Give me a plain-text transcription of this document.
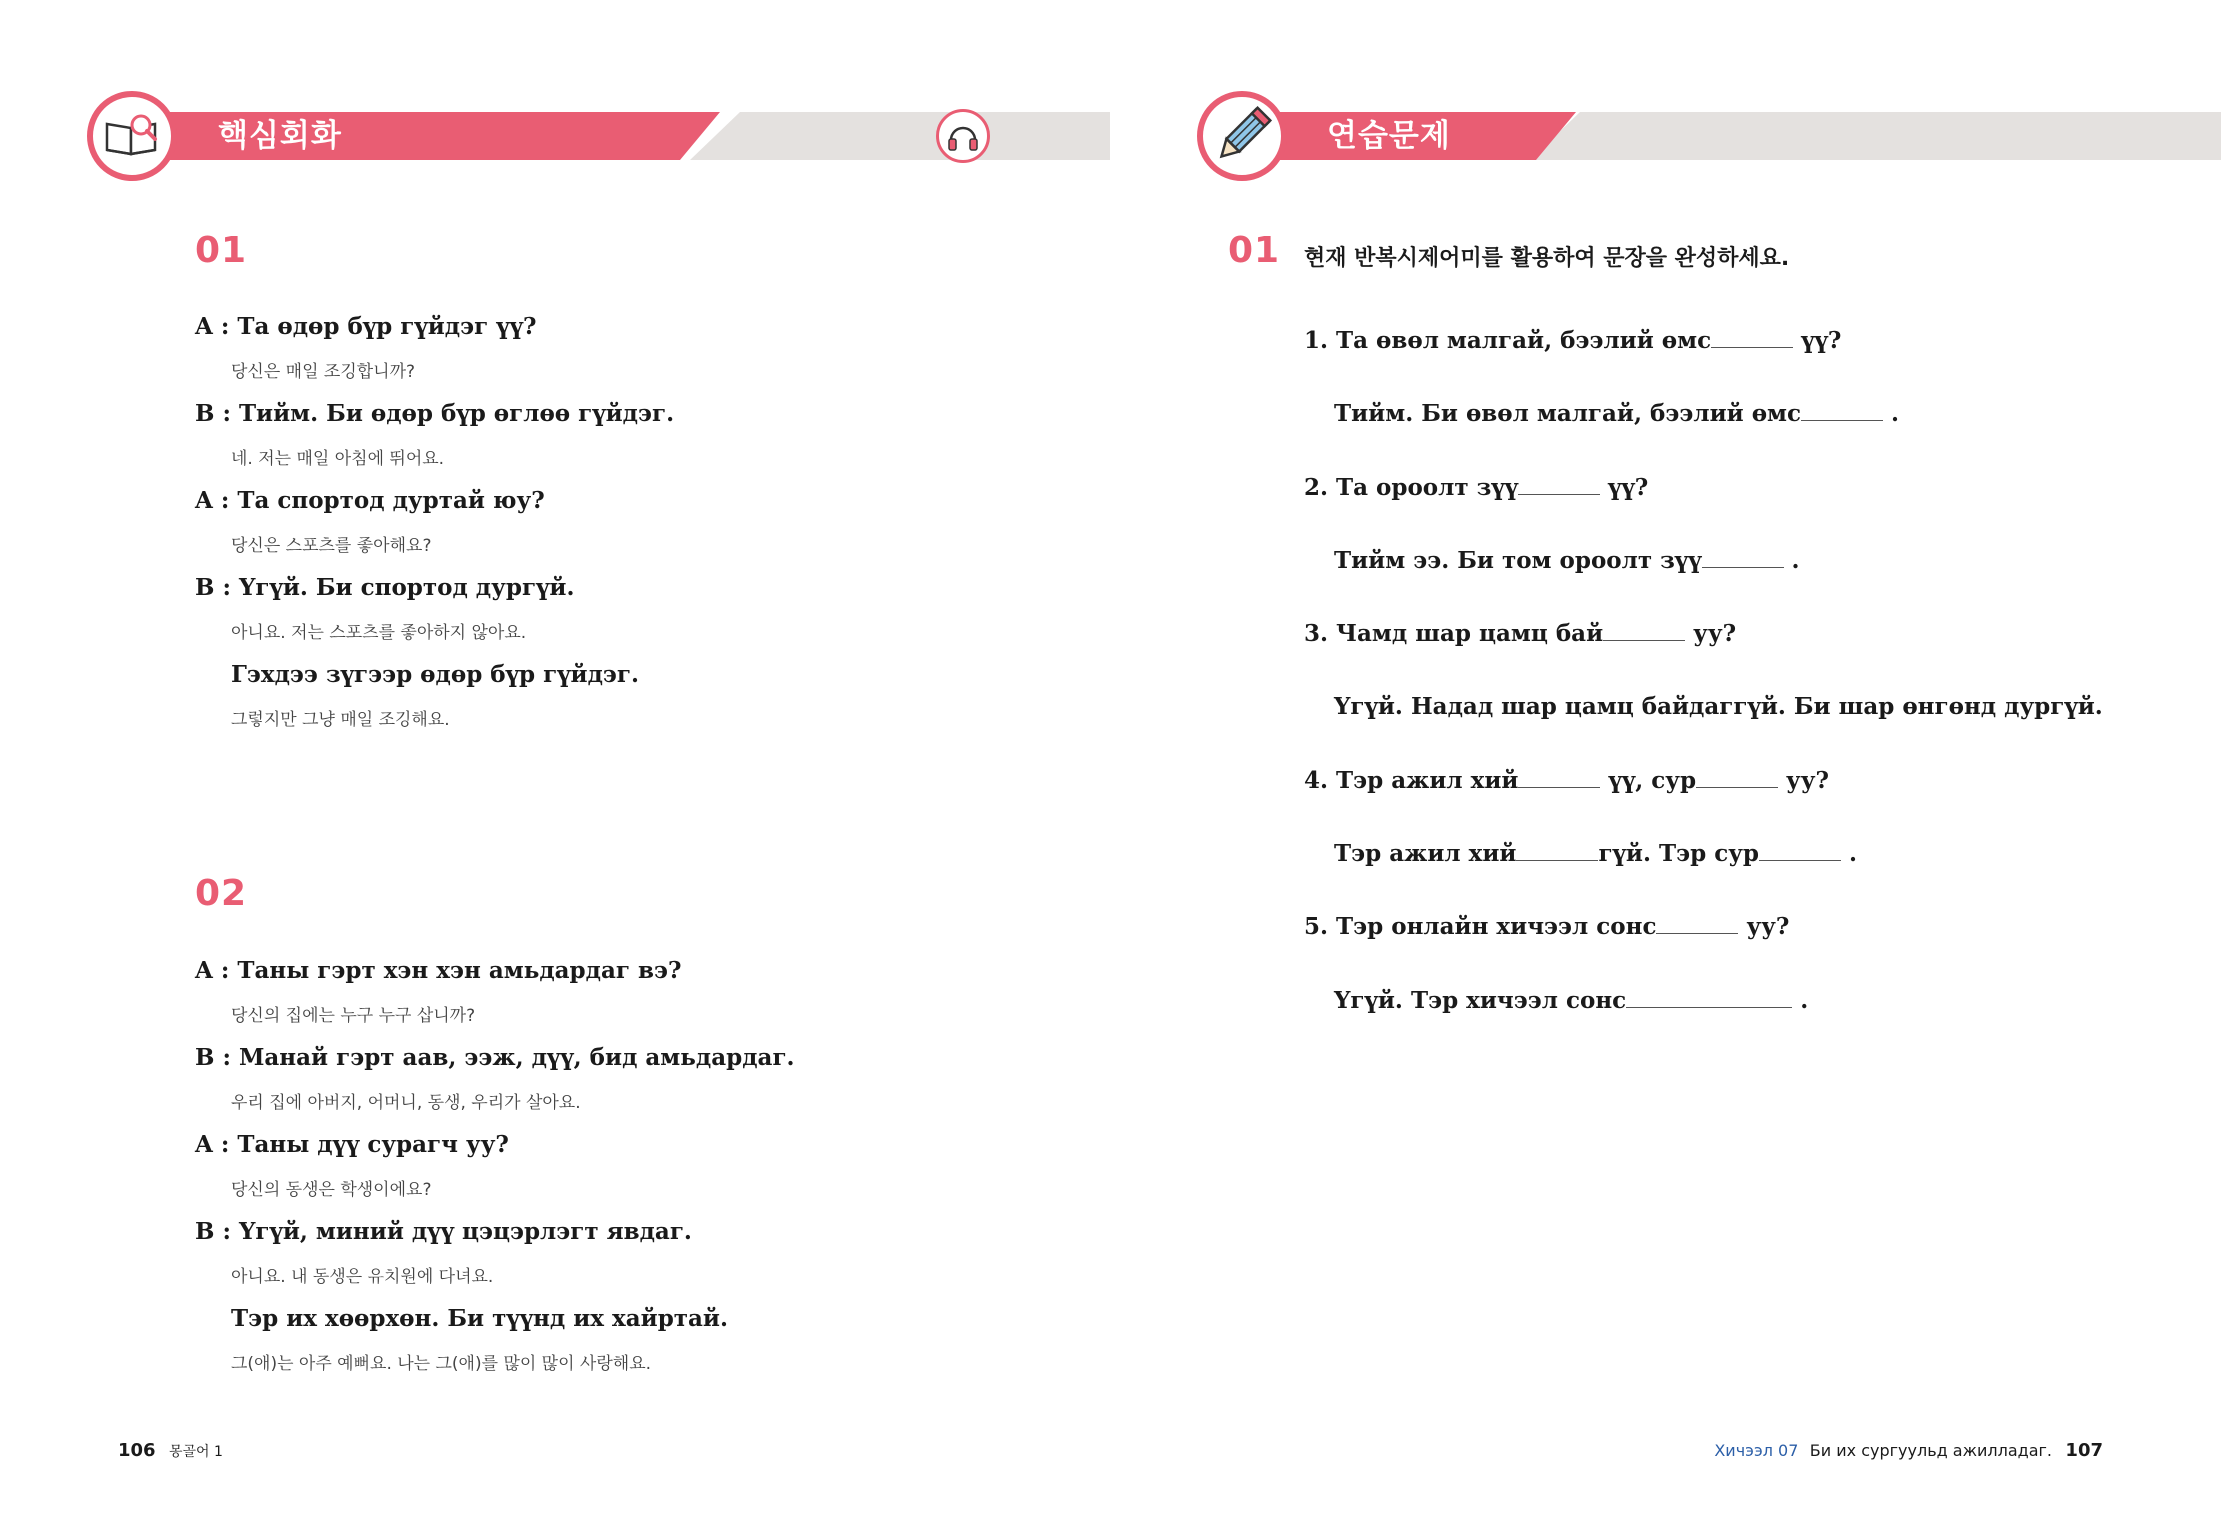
핵심회화
01
A : Та өдөр бүр гүйдэг үү?
당신은 매일 조깅합니까?
B : Тийм. Би өдөр бүр өглөө гүйдэг.
네. 저는 매일 아침에 뛰어요.
A : Та спортод дуртай юу?
당신은 스포츠를 좋아해요?
B : Үгүй. Би спортод дургүй.
아니요. 저는 스포츠를 좋아하지 않아요.
Гэхдээ зүгээр өдөр бүр гүйдэг.
그렇지만 그냥 매일 조깅해요.
02
A : Таны гэрт хэн хэн амьдардаг вэ?
당신의 집에는 누구 누구 삽니까?
B : Манай гэрт аав, ээж, дүү, бид амьдардаг.
우리 집에 아버지, 어머니, 동생, 우리가 살아요.
A : Таны дүү сурагч уу?
당신의 동생은 학생이에요?
B : Үгүй, миний дүү цэцэрлэгт явдаг.
아니요. 내 동생은 유치원에 다녀요.
Тэр их хөөрхөн. Би түүнд их хайртай.
그(애)는 아주 예뻐요. 나는 그(애)를 많이 많이 사랑해요.
106 몽골어 1
연습문제
01 현재 반복시제어미를 활용하여 문장을 완성하세요.
1. Та өвөл малгай, бээлий өмс	үү?
Тийм. Би өвөл малгай, бээлий өмс	.
2. Та ороолт зүү	үү?
Тийм ээ. Би том ороолт зүү	.
3. Чамд шар цамц бай	уу?
Үгүй. Надад шар цамц байдаггүй. Би шар өнгөнд дургүй.
4. Тэр ажил хий	үү, сур	уу?
Тэр ажил хий	гүй. Тэр сур	.
5. Тэр онлайн хичээл сонс	уу?
Үгүй. Тэр хичээл сонс	.
Хичээл 07 Би их сургуульд ажилладаг. 107
